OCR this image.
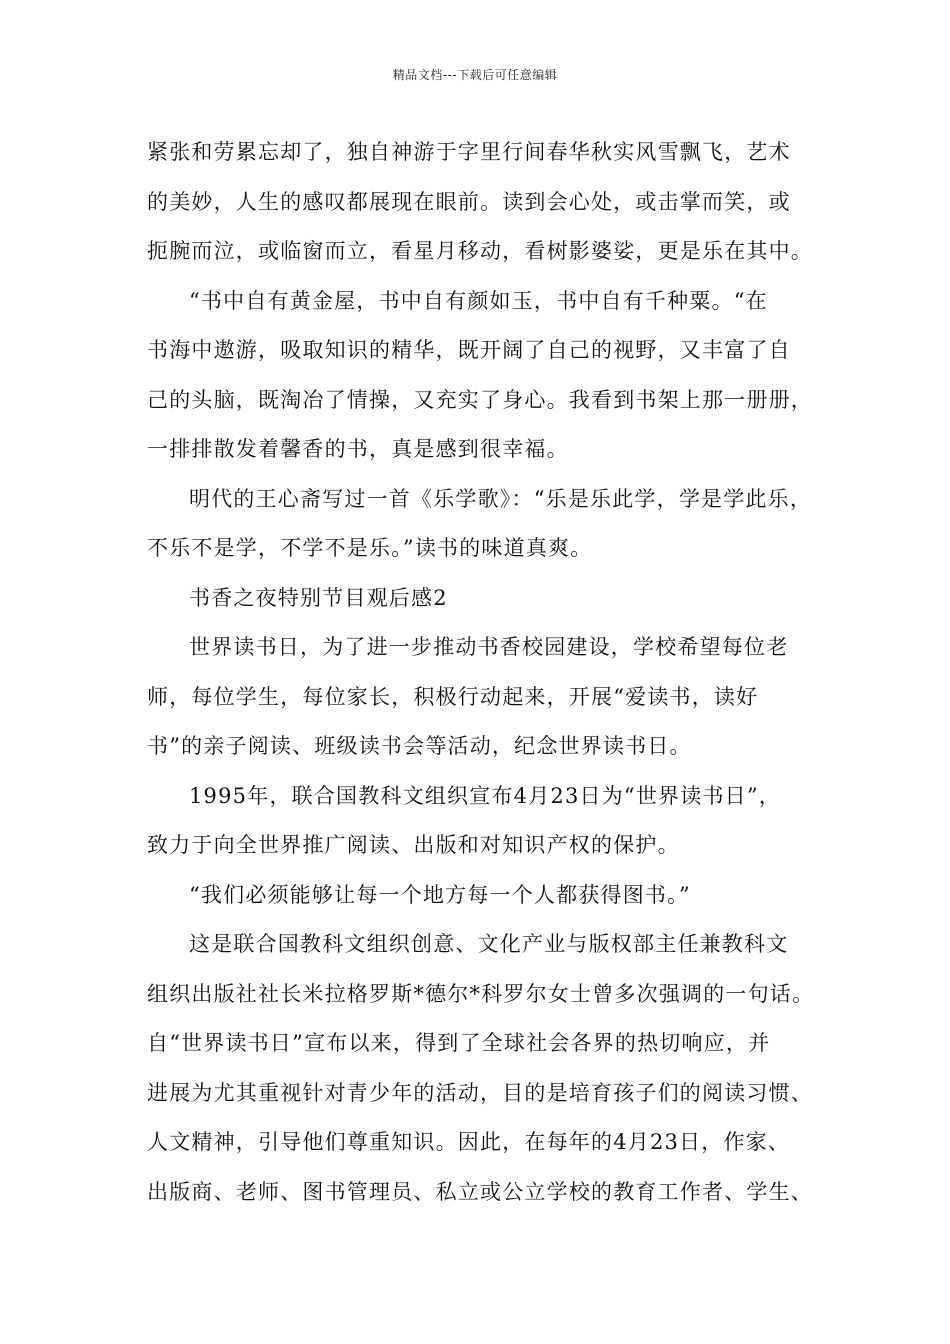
精品文档---下载后可任意编辑
紧张和劳累忘却了，独自神游于字里行间春华秋实风雪飘飞，艺术
的美妙，人生的感叹都展现在眼前。读到会心处，或击掌而笑，或
扼腕而泣，或临窗而立，看星月移动，看树影婆娑，更是乐在其中。
“书中自有黄金屋，书中自有颜如玉，书中自有千种粟。“在
书海中遨游，吸取知识的精华，既开阔了自己的视野，又丰富了自
己的头脑，既淘冶了情操，又充实了身心。我看到书架上那一册册，
一排排散发着馨香的书，真是感到很幸福。
明代的王心斋写过一首《乐学歌》：“乐是乐此学，学是学此乐，
不乐不是学，不学不是乐。”读书的味道真爽。
书香之夜特别节目观后感2
世界读书日，为了进一步推动书香校园建设，学校希望每位老
师，每位学生，每位家长，积极行动起来，开展“爱读书，读好
书”的亲子阅读、班级读书会等活动，纪念世界读书日。
1995年，联合国教科文组织宣布4月23日为“世界读书日”，
致力于向全世界推广阅读、出版和对知识产权的保护。
“我们必须能够让每一个地方每一个人都获得图书。”
这是联合国教科文组织创意、文化产业与版权部主任兼教科文
组织出版社社长米拉格罗斯*德尔*科罗尔女士曾多次强调的一句话。
自“世界读书日”宣布以来，得到了全球社会各界的热切响应，并
进展为尤其重视针对青少年的活动，目的是培育孩子们的阅读习惯、
人文精神，引导他们尊重知识。因此，在每年的4月23日，作家、
出版商、老师、图书管理员、私立或公立学校的教育工作者、学生、
